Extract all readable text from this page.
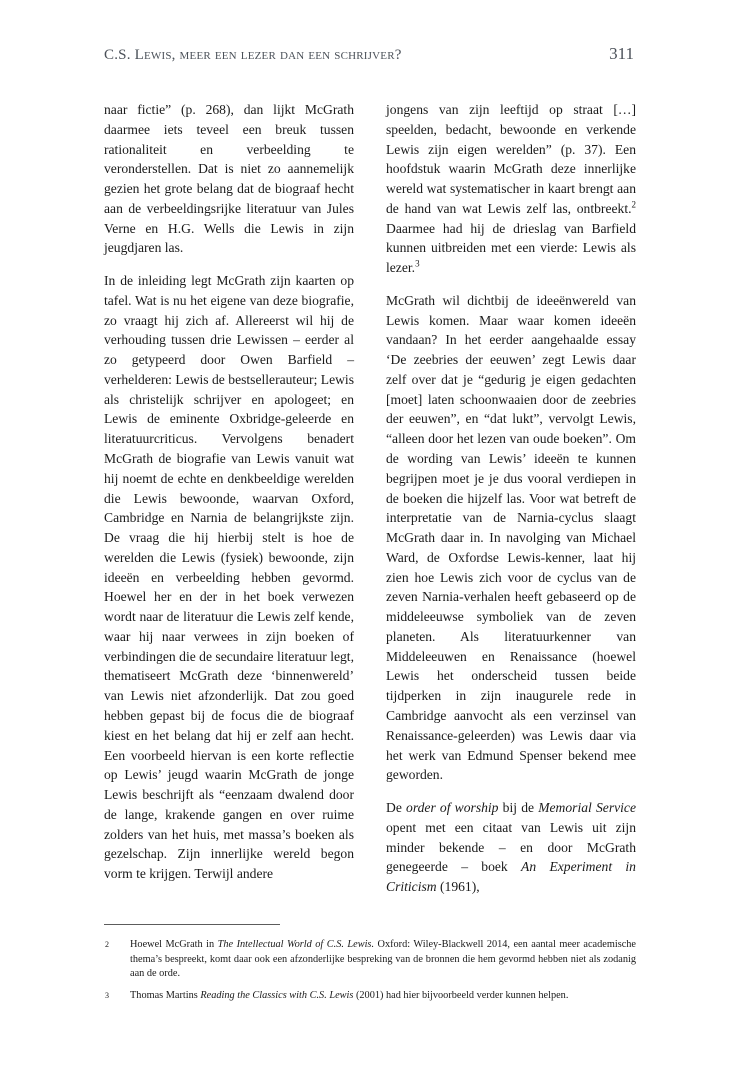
C.S. Lewis, meer een lezer dan een schrijver?	311

naar fictie” (p. 268), dan lijkt McGrath daarmee iets teveel een breuk tussen rationaliteit en verbeelding te veronderstellen. Dat is niet zo aannemelijk gezien het grote belang dat de biograaf hecht aan de verbeeldingsrijke literatuur van Jules Verne en H.G. Wells die Lewis in zijn jeugdjaren las.

In de inleiding legt McGrath zijn kaarten op tafel. Wat is nu het eigene van deze biografie, zo vraagt hij zich af. Allereerst wil hij de verhouding tussen drie Lewissen – eerder al zo getypeerd door Owen Barfield – verhelderen: Lewis de bestsellerauteur; Lewis als christelijk schrijver en apologeet; en Lewis de eminente Oxbridge-geleerde en literatuurcriticus. Vervolgens benadert McGrath de biografie van Lewis vanuit wat hij noemt de echte en denkbeeldige werelden die Lewis bewoonde, waarvan Oxford, Cambridge en Narnia de belangrijkste zijn. De vraag die hij hierbij stelt is hoe de werelden die Lewis (fysiek) bewoonde, zijn ideeën en verbeelding hebben gevormd. Hoewel her en der in het boek verwezen wordt naar de literatuur die Lewis zelf kende, waar hij naar verwees in zijn boeken of verbindingen die de secundaire literatuur legt, thematiseert McGrath deze ‘binnenwereld’ van Lewis niet afzonderlijk. Dat zou goed hebben gepast bij de focus die de biograaf kiest en het belang dat hij er zelf aan hecht. Een voorbeeld hiervan is een korte reflectie op Lewis’ jeugd waarin McGrath de jonge Lewis beschrijft als “eenzaam dwalend door de lange, krakende gangen en over ruime zolders van het huis, met massa’s boeken als gezelschap. Zijn innerlijke wereld begon vorm te krijgen. Terwijl andere

jongens van zijn leeftijd op straat […] speelden, bedacht, bewoonde en verkende Lewis zijn eigen werelden” (p. 37). Een hoofdstuk waarin McGrath deze innerlijke wereld wat systematischer in kaart brengt aan de hand van wat Lewis zelf las, ontbreekt.$^2$ Daarmee had hij de drieslag van Barfield kunnen uitbreiden met een vierde: Lewis als lezer.$^3$

McGrath wil dichtbij de ideeënwereld van Lewis komen. Maar waar komen ideeën vandaan? In het eerder aangehaalde essay ‘De zeebries der eeuwen’ zegt Lewis daar zelf over dat je “gedurig je eigen gedachten [moet] laten schoonwaaien door de zeebries der eeuwen”, en “dat lukt”, vervolgt Lewis, “alleen door het lezen van oude boeken”. Om de wording van Lewis’ ideeën te kunnen begrijpen moet je je dus vooral verdiepen in de boeken die hijzelf las. Voor wat betreft de interpretatie van de Narnia-cyclus slaagt McGrath daar in. In navolging van Michael Ward, de Oxfordse Lewis-kenner, laat hij zien hoe Lewis zich voor de cyclus van de zeven Narnia-verhalen heeft gebaseerd op de middeleeuwse symboliek van de zeven planeten. Als literatuurkenner van Middeleeuwen en Renaissance (hoewel Lewis het onderscheid tussen beide tijdperken in zijn inaugurele rede in Cambridge aanvocht als een verzinsel van Renaissance-geleerden) was Lewis daar via het werk van Edmund Spenser bekend mee geworden.

De order of worship bij de Memorial Service opent met een citaat van Lewis uit zijn minder bekende – en door McGrath genegeerde – boek An Experiment in Criticism (1961),

2	Hoewel McGrath in The Intellectual World of C.S. Lewis. Oxford: Wiley-Blackwell 2014, een aantal meer academische thema’s bespreekt, komt daar ook een afzonderlijke bespreking van de bronnen die hem gevormd hebben niet als zodanig aan de orde.
3	Thomas Martins Reading the Classics with C.S. Lewis (2001) had hier bijvoorbeeld verder kunnen helpen.
